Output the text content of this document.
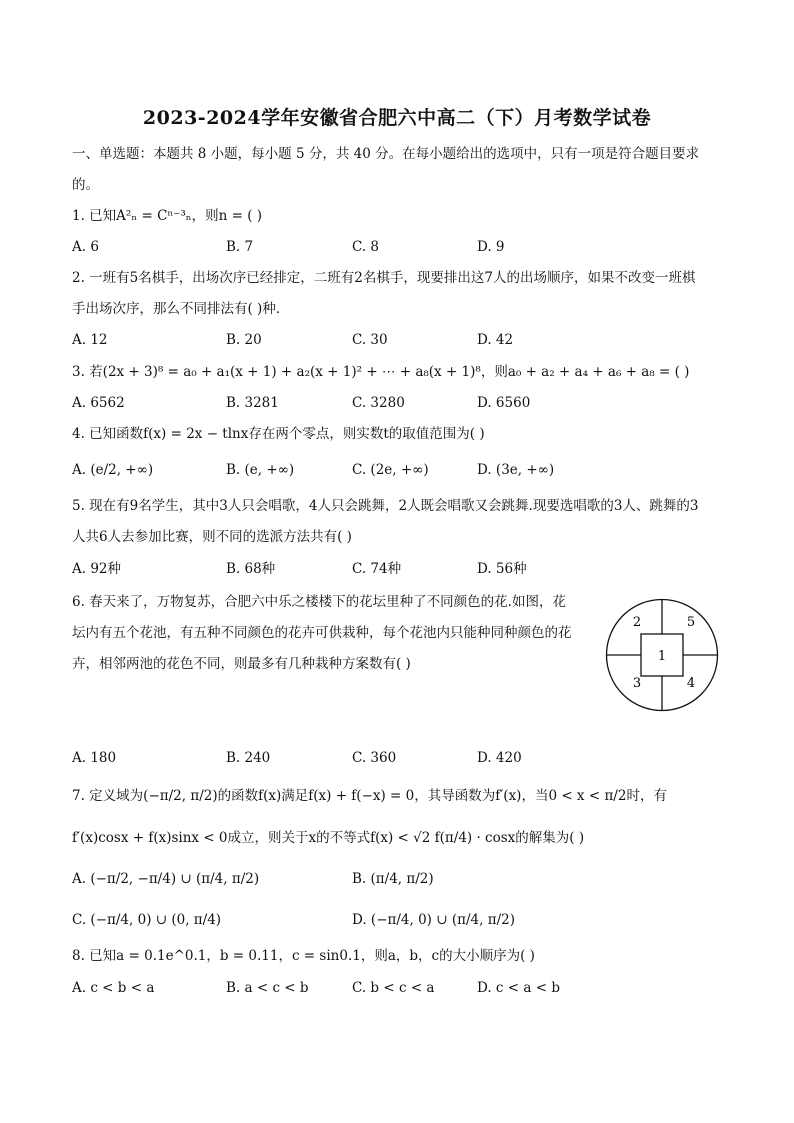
2023-2024学年安徽省合肥六中高二（下）月考数学试卷
一、单选题：本题共 8 小题，每小题 5 分，共 40 分。在每小题给出的选项中，只有一项是符合题目要求
的。
1. 已知A²ₙ = Cⁿ⁻³ₙ，则n = ( )
A. 6	B. 7	C. 8	D. 9
2. 一班有5名棋手，出场次序已经排定，二班有2名棋手，现要排出这7人的出场顺序，如果不改变一班棋
手出场次序，那么不同排法有( )种．
A. 12	B. 20	C. 30	D. 42
3. 若(2x + 3)⁸ = a₀ + a₁(x + 1) + a₂(x + 1)² + ⋯ + a₈(x + 1)⁸，则a₀ + a₂ + a₄ + a₆ + a₈ = ( )
A. 6562	B. 3281	C. 3280	D. 6560
4. 已知函数f(x) = 2x − tlnx存在两个零点，则实数t的取值范围为( )
A. (e/2, +∞)	B. (e, +∞)	C. (2e, +∞)	D. (3e, +∞)
5. 现在有9名学生，其中3人只会唱歌，4人只会跳舞，2人既会唱歌又会跳舞.现要选唱歌的3人、跳舞的3
人共6人去参加比赛，则不同的选派方法共有( )
A. 92种	B. 68种	C. 74种	D. 56种
6. 春天来了，万物复苏，合肥六中乐之楼楼下的花坛里种了不同颜色的花.如图，花
坛内有五个花池，有五种不同颜色的花卉可供栽种，每个花池内只能种同种颜色的花
卉，相邻两池的花色不同，则最多有几种栽种方案数有( )	1
2
3	4
5
A. 180	B. 240	C. 360	D. 420
7. 定义域为(−π/2, π/2)的函数f(x)满足f(x) + f(−x) = 0，其导函数为f′(x)，当0 < x < π/2时，有
f′(x)cosx + f(x)sinx < 0成立，则关于x的不等式f(x) < √2 f(π/4) · cosx的解集为( )
A. (−π/2, −π/4) ∪ (π/4, π/2)	B. (π/4, π/2)
C. (−π/4, 0) ∪ (0, π/4)	D. (−π/4, 0) ∪ (π/4, π/2)
8. 已知a = 0.1e^0.1，b = 0.11，c = sin0.1，则a，b，c的大小顺序为( )
A. c < b < a	B. a < c < b	C. b < c < a	D. c < a < b
